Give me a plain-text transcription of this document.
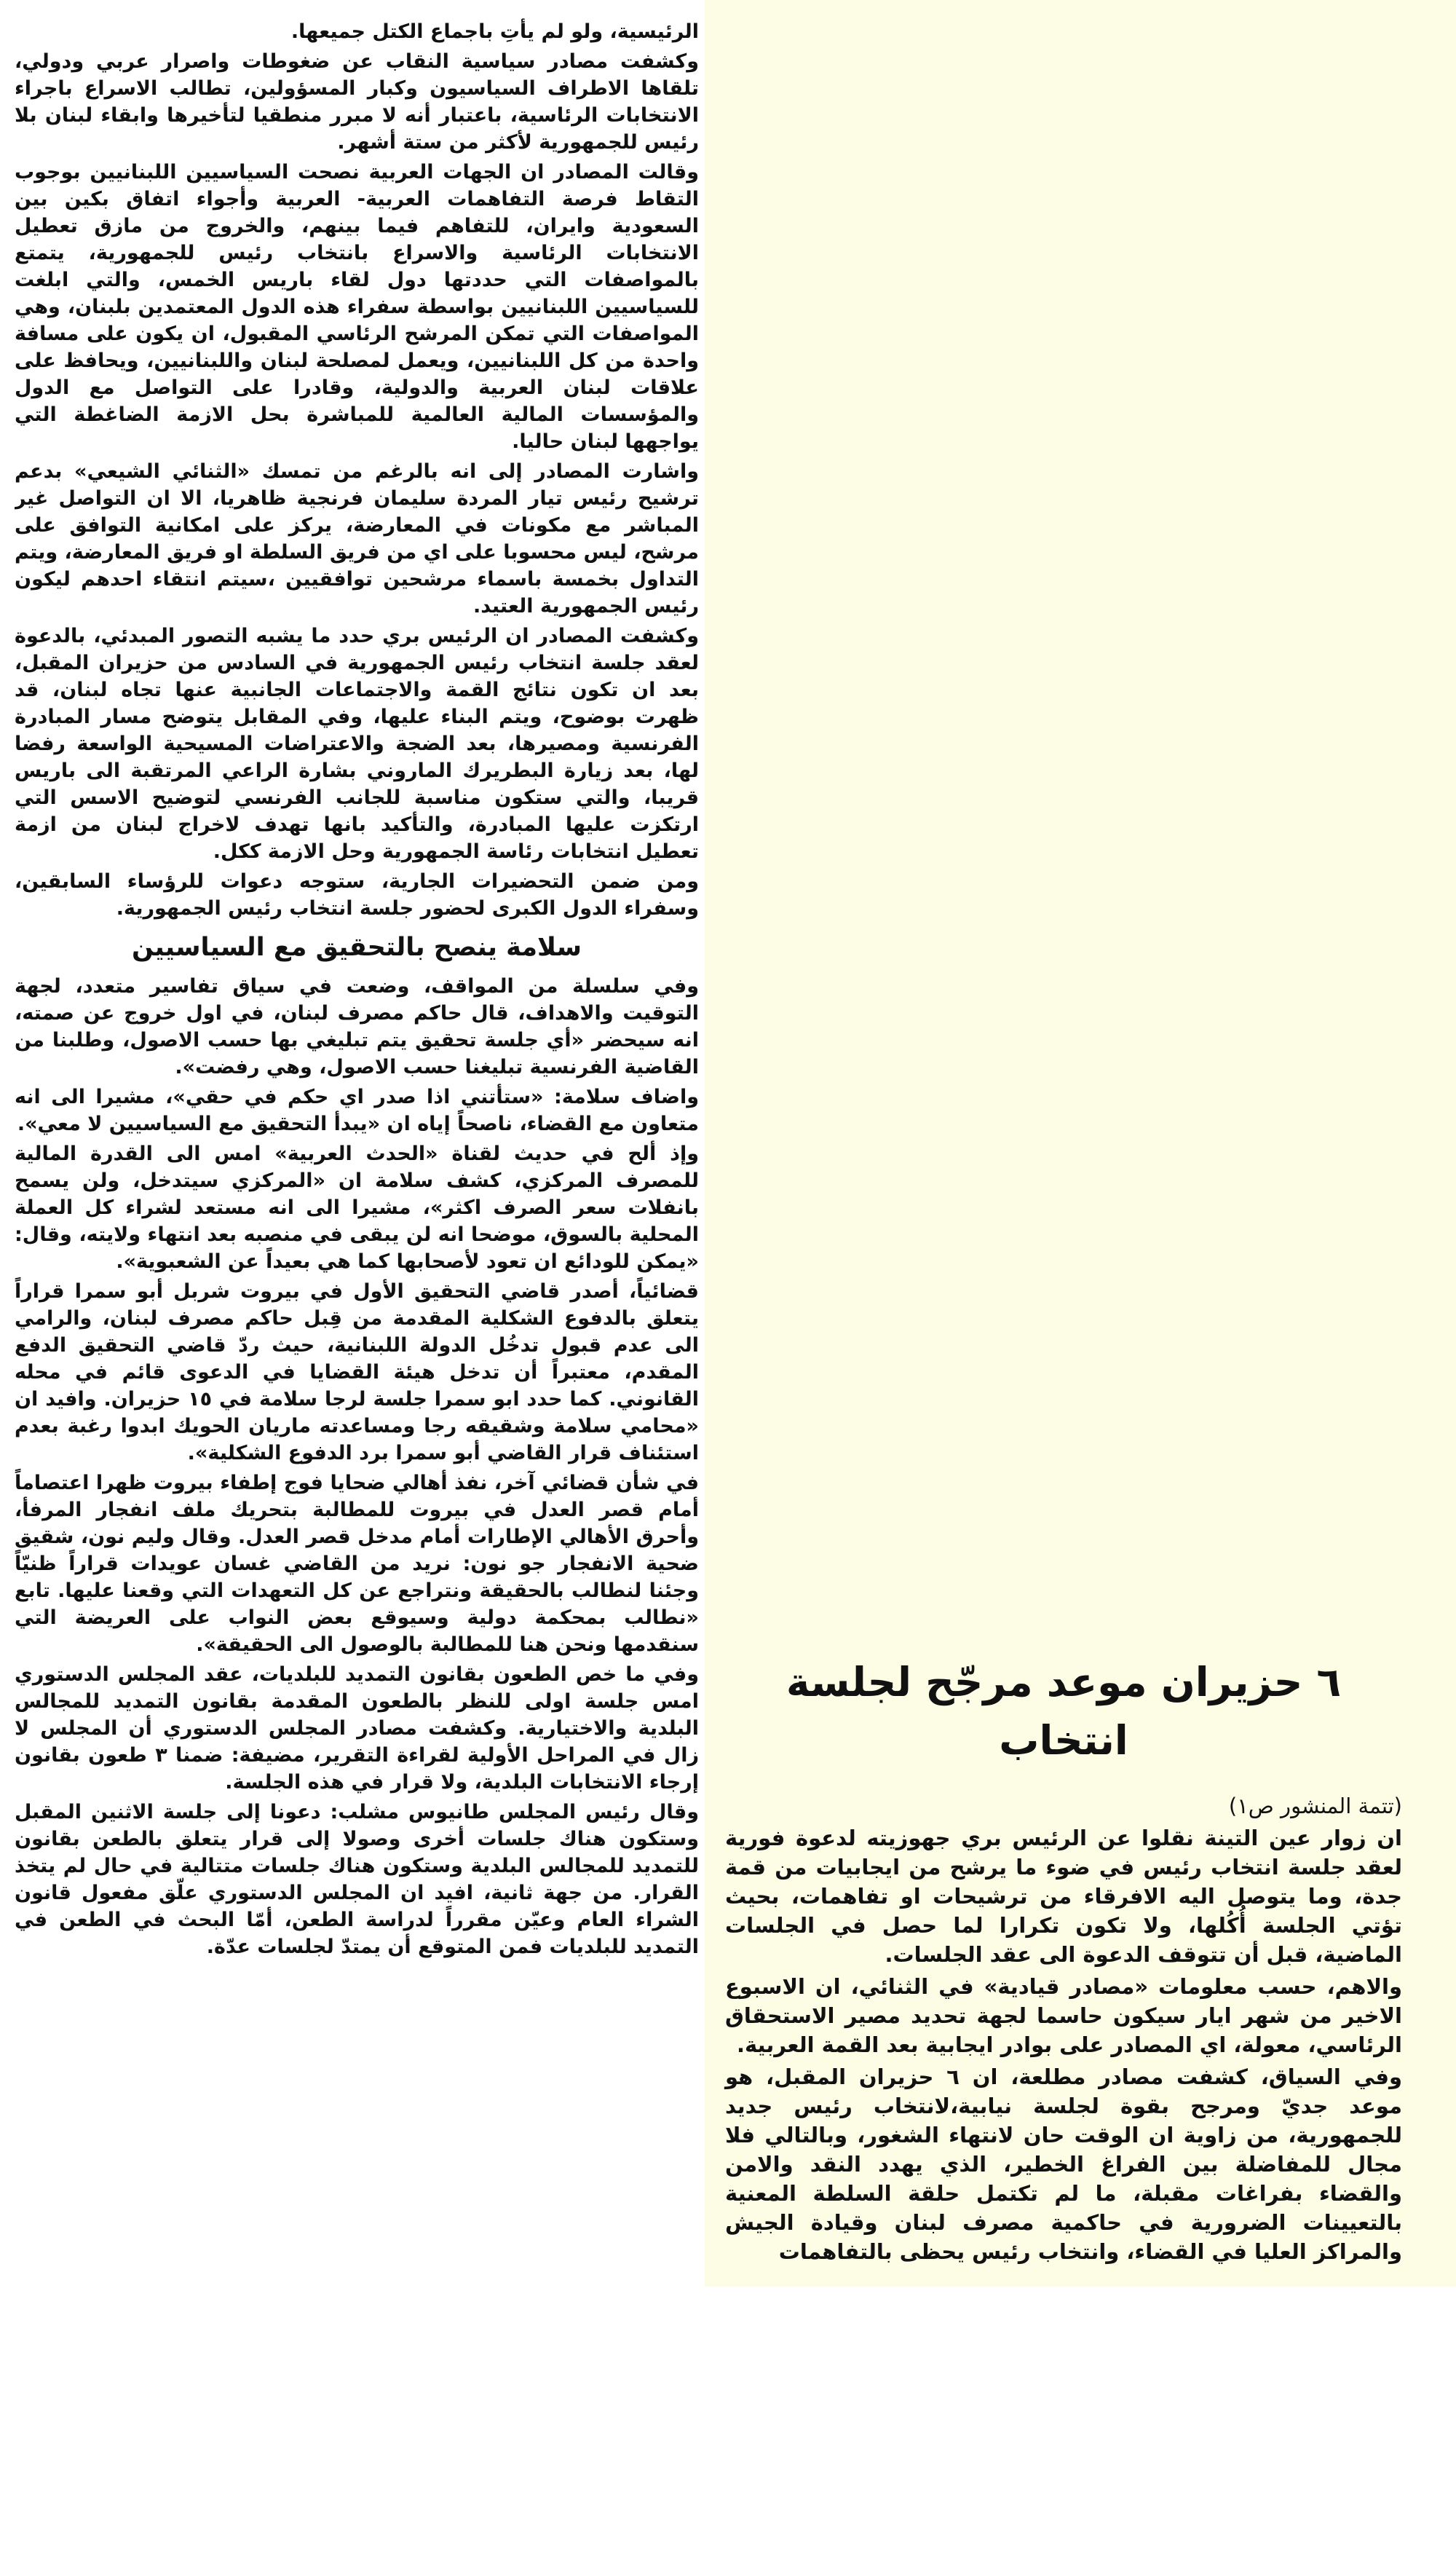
الرئيسية، ولو لم يأتِ باجماع الكتل جميعها.

وكشفت مصادر سياسية النقاب عن ضغوطات واصرار عربي ودولي، تلقاها الاطراف السياسيون وكبار المسؤولين، تطالب الاسراع باجراء الانتخابات الرئاسية، باعتبار أنه لا مبرر منطقيا لتأخيرها وابقاء لبنان بلا رئيس للجمهورية لأكثر من ستة أشهر.

وقالت المصادر ان الجهات العربية نصحت السياسيين اللبنانيين بوجوب التقاط فرصة التفاهمات العربية- العربية وأجواء اتفاق بكين بين السعودية وايران، للتفاهم فيما بينهم، والخروج من مازق تعطيل الانتخابات الرئاسية والاسراع بانتخاب رئيس للجمهورية، يتمتع بالمواصفات التي حددتها دول لقاء باريس الخمس، والتي ابلغت للسياسيين اللبنانيين بواسطة سفراء هذه الدول المعتمدين بلبنان، وهي المواصفات التي تمكن المرشح الرئاسي المقبول، ان يكون على مسافة واحدة من كل اللبنانيين، ويعمل لمصلحة لبنان واللبنانيين، ويحافظ على علاقات لبنان العربية والدولية، وقادرا على التواصل مع الدول والمؤسسات المالية العالمية للمباشرة بحل الازمة الضاغطة التي يواجهها لبنان حاليا.

واشارت المصادر إلى انه بالرغم من تمسك «الثنائي الشيعي» بدعم ترشيح رئيس تيار المردة سليمان فرنجية ظاهريا، الا ان التواصل غير المباشر مع مكونات في المعارضة، يركز على امكانية التوافق على مرشح، ليس محسوبا على اي من فريق السلطة او فريق المعارضة، ويتم التداول بخمسة باسماء مرشحين توافقيين ،سيتم انتقاء احدهم ليكون رئيس الجمهورية العتيد.

وكشفت المصادر ان الرئيس بري حدد ما يشبه التصور المبدئي، بالدعوة لعقد جلسة انتخاب رئيس الجمهورية في السادس من حزيران المقبل، بعد ان تكون نتائج القمة والاجتماعات الجانبية عنها تجاه لبنان، قد ظهرت بوضوح، ويتم البناء عليها، وفي المقابل يتوضح مسار المبادرة الفرنسية ومصيرها، بعد الضجة والاعتراضات المسيحية الواسعة رفضا لها، بعد زيارة البطريرك الماروني بشارة الراعي المرتقبة الى باريس قريبا، والتي ستكون مناسبة للجانب الفرنسي لتوضيح الاسس التي ارتكزت عليها المبادرة، والتأكيد بانها تهدف لاخراج لبنان من ازمة تعطيل انتخابات رئاسة الجمهورية وحل الازمة ككل.

ومن ضمن التحضيرات الجارية، ستوجه دعوات للرؤساء السابقين، وسفراء الدول الكبرى لحضور جلسة انتخاب رئيس الجمهورية.

سلامة ينصح بالتحقيق مع السياسيين

وفي سلسلة من المواقف، وضعت في سياق تفاسير متعدد، لجهة التوقيت والاهداف، قال حاكم مصرف لبنان، في اول خروج عن صمته، انه سيحضر «أي جلسة تحقيق يتم تبليغي بها حسب الاصول، وطلبنا من القاضية الفرنسية تبليغنا حسب الاصول، وهي رفضت».

واضاف سلامة: «ستأتني اذا صدر اي حكم في حقي»، مشيرا الى انه متعاون مع القضاء، ناصحاً إياه ان «يبدأ التحقيق مع السياسيين لا معي».

وإذ ألح في حديث لقناة «الحدث العربية» امس الى القدرة المالية للمصرف المركزي، كشف سلامة ان «المركزي سيتدخل، ولن يسمح بانفلات سعر الصرف اكثر»، مشيرا الى انه مستعد لشراء كل العملة المحلية بالسوق، موضحا انه لن يبقى في منصبه بعد انتهاء ولايته، وقال: «يمكن للودائع ان تعود لأصحابها كما هي بعيداً عن الشعبوية».

قضائياً، أصدر قاضي التحقيق الأول في بيروت شربل أبو سمرا قراراً يتعلق بالدفوع الشكلية المقدمة من قِبل حاكم مصرف لبنان، والرامي الى عدم قبول تدخُل الدولة اللبنانية، حيث ردّ قاضي التحقيق الدفع المقدم، معتبراً أن تدخل هيئة القضايا في الدعوى قائم في محله القانوني. كما حدد ابو سمرا جلسة لرجا سلامة في ١٥ حزيران. وافيد ان «محامي سلامة وشقيقه رجا ومساعدته ماريان الحويك ابدوا رغبة بعدم استئناف قرار القاضي أبو سمرا برد الدفوع الشكلية».

في شأن قضائي آخر، نفذ أهالي ضحايا فوج إطفاء بيروت ظهرا اعتصاماً أمام قصر العدل في بيروت للمطالبة بتحريك ملف انفجار المرفأ، وأحرق الأهالي الإطارات أمام مدخل قصر العدل. وقال وليم نون، شقيق ضحية الانفجار جو نون: نريد من القاضي غسان عويدات قراراً ظنيّاً وجئنا لنطالب بالحقيقة ونتراجع عن كل التعهدات التي وقعنا عليها. تابع «نطالب بمحكمة دولية وسيوقع بعض النواب على العريضة التي سنقدمها ونحن هنا للمطالبة بالوصول الى الحقيقة».

وفي ما خص الطعون بقانون التمديد للبلديات، عقد المجلس الدستوري امس جلسة اولى للنظر بالطعون المقدمة بقانون التمديد للمجالس البلدية والاختيارية. وكشفت مصادر المجلس الدستوري أن المجلس لا زال في المراحل الأولية لقراءة التقرير، مضيفة: ضمنا ٣ طعون بقانون إرجاء الانتخابات البلدية، ولا قرار في هذه الجلسة.

وقال رئيس المجلس طانيوس مشلب: دعونا إلى جلسة الاثنين المقبل وستكون هناك جلسات أخرى وصولا إلى قرار يتعلق بالطعن بقانون للتمديد للمجالس البلدية وستكون هناك جلسات متتالية في حال لم يتخذ القرار. من جهة ثانية، افيد ان المجلس الدستوري علّق مفعول قانون الشراء العام وعيّن مقرراً لدراسة الطعن، أمّا البحث في الطعن في التمديد للبلديات فمن المتوقع أن يمتدّ لجلسات عدّة.

٦ حزيران موعد مرجّح لجلسة انتخاب

(تتمة المنشور ص١)

ان زوار عين التينة نقلوا عن الرئيس بري جهوزيته لدعوة فورية لعقد جلسة انتخاب رئيس في ضوء ما يرشح من ايجابيات من قمة جدة، وما يتوصل اليه الافرقاء من ترشيحات او تفاهمات، بحيث تؤتي الجلسة أُكُلها، ولا تكون تكرارا لما حصل في الجلسات الماضية، قبل أن تتوقف الدعوة الى عقد الجلسات.

والاهم، حسب معلومات «مصادر قيادية» في الثنائي، ان الاسبوع الاخير من شهر ايار سيكون حاسما لجهة تحديد مصير الاستحقاق الرئاسي، معولة، اي المصادر على بوادر ايجابية بعد القمة العربية.

وفي السياق، كشفت مصادر مطلعة، ان ٦ حزيران المقبل، هو موعد جديّ ومرجح بقوة لجلسة نيابية،لانتخاب رئيس جديد للجمهورية، من زاوية ان الوقت حان لانتهاء الشغور، وبالتالي فلا مجال للمفاضلة بين الفراغ الخطير، الذي يهدد النقد والامن والقضاء بفراغات مقبلة، ما لم تكتمل حلقة السلطة المعنية بالتعيينات الضرورية في حاكمية مصرف لبنان وقيادة الجيش والمراكز العليا في القضاء، وانتخاب رئيس يحظى بالتفاهمات
